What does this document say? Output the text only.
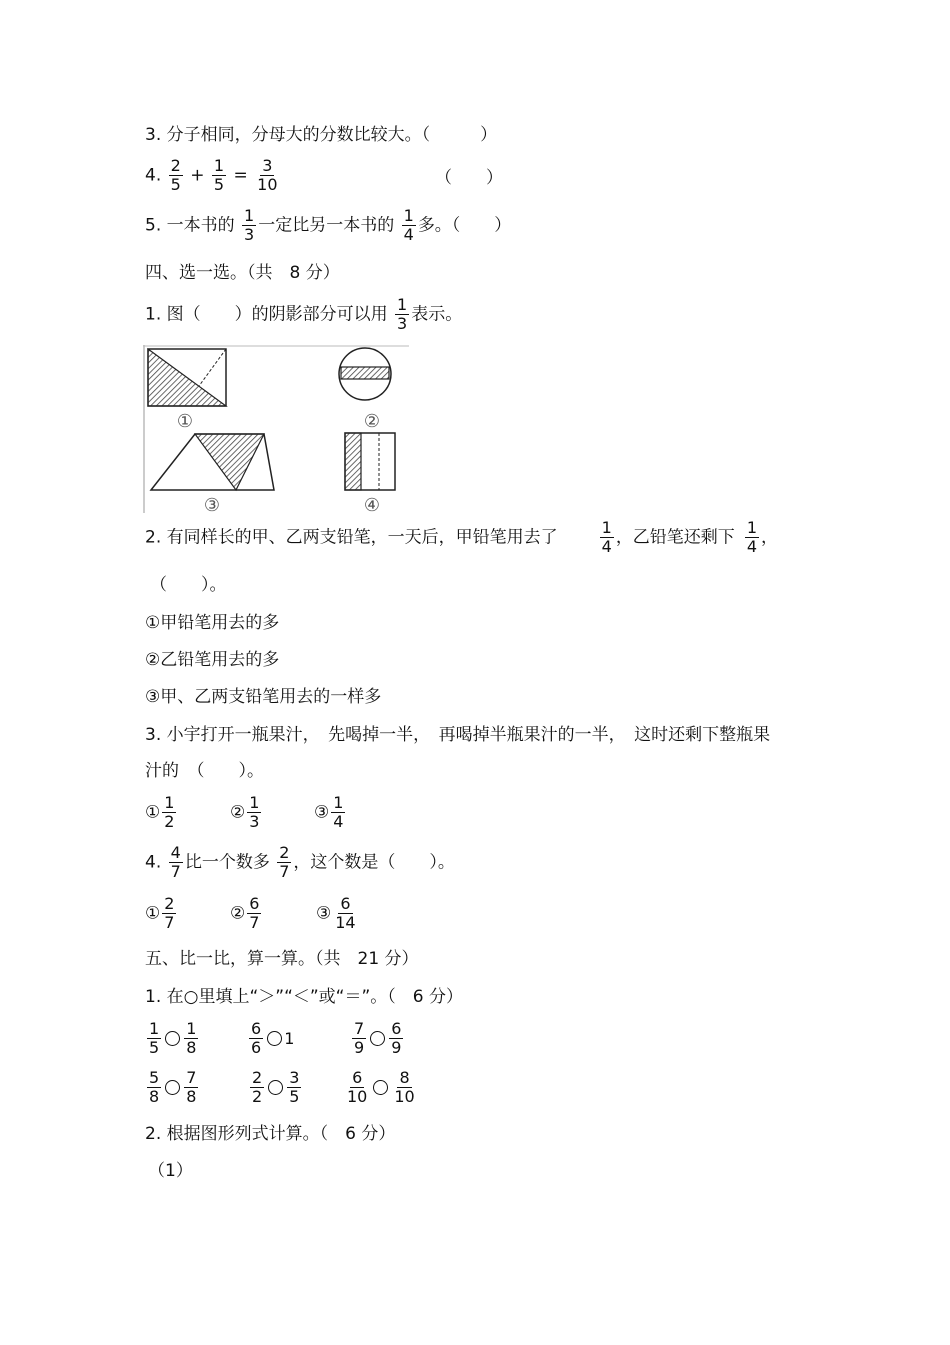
3. 分子相同，分母大的分数比较大。（	）
4. $\frac{2}{5} + \frac{1}{5} = \frac{3}{10}$	（　　）
5. 一本书的 $\frac{1}{3}$ 一定比另一本书的 $\frac{1}{4}$ 多。（　　）
四、选一选。（共　8 分）
1. 图（　　）的阴影部分可以用 $\frac{1}{3}$ 表示。
①	②
③	④
2. 有同样长的甲、乙两支铅笔，一天后，甲铅笔用去了	$\frac{1}{4}$ ，乙铅笔还剩下 $\frac{1}{4}$ ，
（　　）。
①甲铅笔用去的多
②乙铅笔用去的多
③甲、乙两支铅笔用去的一样多
3. 小宇打开一瓶果汁，　先喝掉一半，　再喝掉半瓶果汁的一半，　这时还剩下整瓶果
汁的　（　　）。
① $\frac{1}{2}$	② $\frac{1}{3}$	③ $\frac{1}{4}$
4. $\frac{4}{7}$ 比一个数多 $\frac{2}{7}$ ，这个数是（　　）。
① $\frac{2}{7}$	② $\frac{6}{7}$	③ $\frac{6}{14}$
五、比一比，算一算。（共　21 分）
1. 在○里填上“＞”“＜”或“＝”。（　6 分）
$\frac{1}{5} \frac{1}{8}$	$\frac{6}{6} 1$	$\frac{7}{9} \frac{6}{9}$
$\frac{5}{8} \frac{7}{8}$	$\frac{2}{2} \frac{3}{5}$	$\frac{6}{10} \frac{8}{10}$
2. 根据图形列式计算。（　6 分）
（1）
